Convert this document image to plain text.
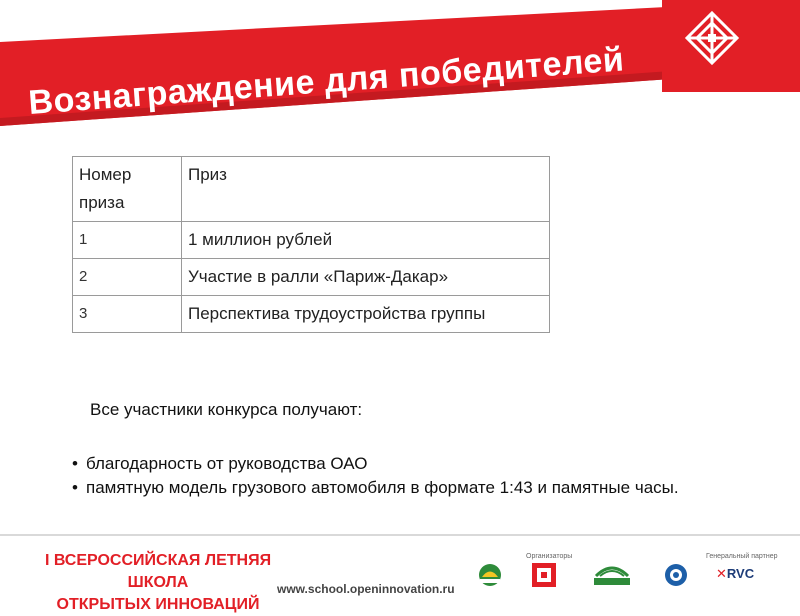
Вознаграждение для победителей
Номер приза	Приз
1	1 миллион рублей
2	Участие в ралли «Париж-Дакар»
3	Перспектива трудоустройства группы
Все участники конкурса получают:
• благодарность от руководства ОАО
• памятную модель грузового автомобиля в формате 1:43 и памятные часы.
I ВСЕРОССИЙСКАЯ ЛЕТНЯЯ ШКОЛА
ОТКРЫТЫХ ИННОВАЦИЙ
www.school.openinnovation.ru
Организаторы	Генеральный партнер
✕RVC
